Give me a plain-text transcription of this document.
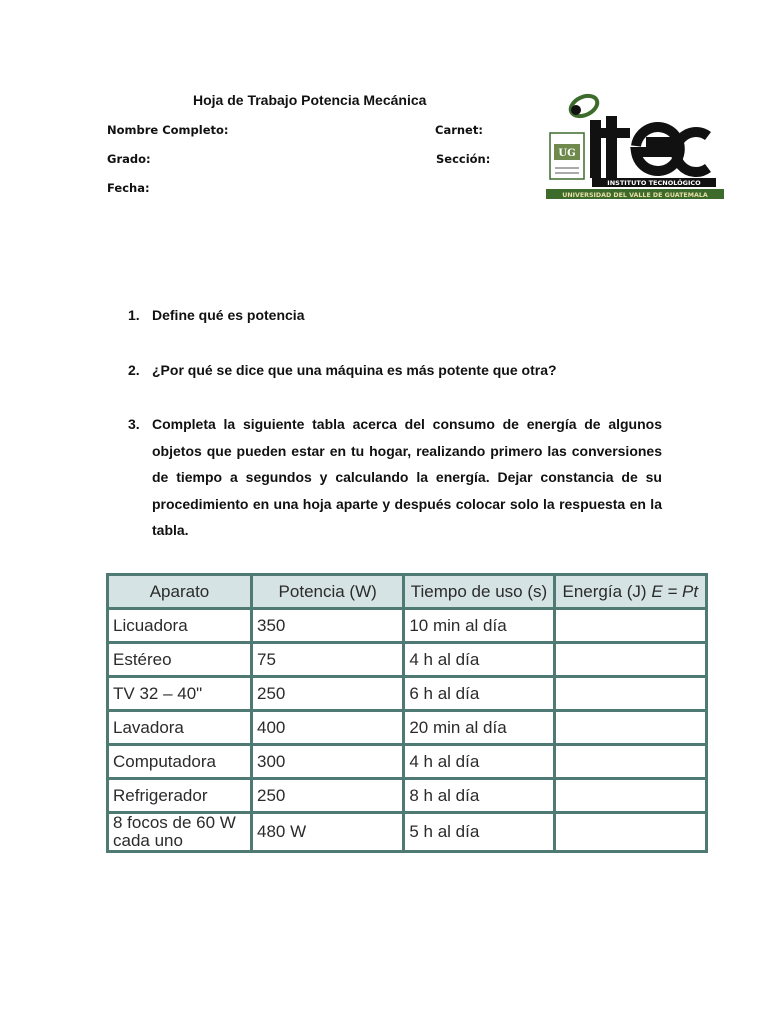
Hoja de Trabajo Potencia Mecánica
Nombre Completo:	Carnet:
Grado:	Sección:
Fecha:
UG
INSTITUTO TECNOLÓGICO
UNIVERSIDAD DEL VALLE DE GUATEMALA
1. Define qué es potencia
2. ¿Por qué se dice que una máquina es más potente que otra?
3. Completa la siguiente tabla acerca del consumo de energía de algunos objetos que pueden estar en tu hogar, realizando primero las conversiones de tiempo a segundos y calculando la energía. Dejar constancia de su procedimiento en una hoja aparte y después colocar solo la respuesta en la tabla.
Aparato	Potencia (W)	Tiempo de uso (s)	Energía (J) E = Pt
Licuadora	350	10 min al día	
Estéreo	75	4 h al día	
TV 32 – 40"	250	6 h al día	
Lavadora	400	20 min al día	
Computadora	300	4 h al día	
Refrigerador	250	8 h al día	
8 focos de 60 W cada uno	480 W	5 h al día	
